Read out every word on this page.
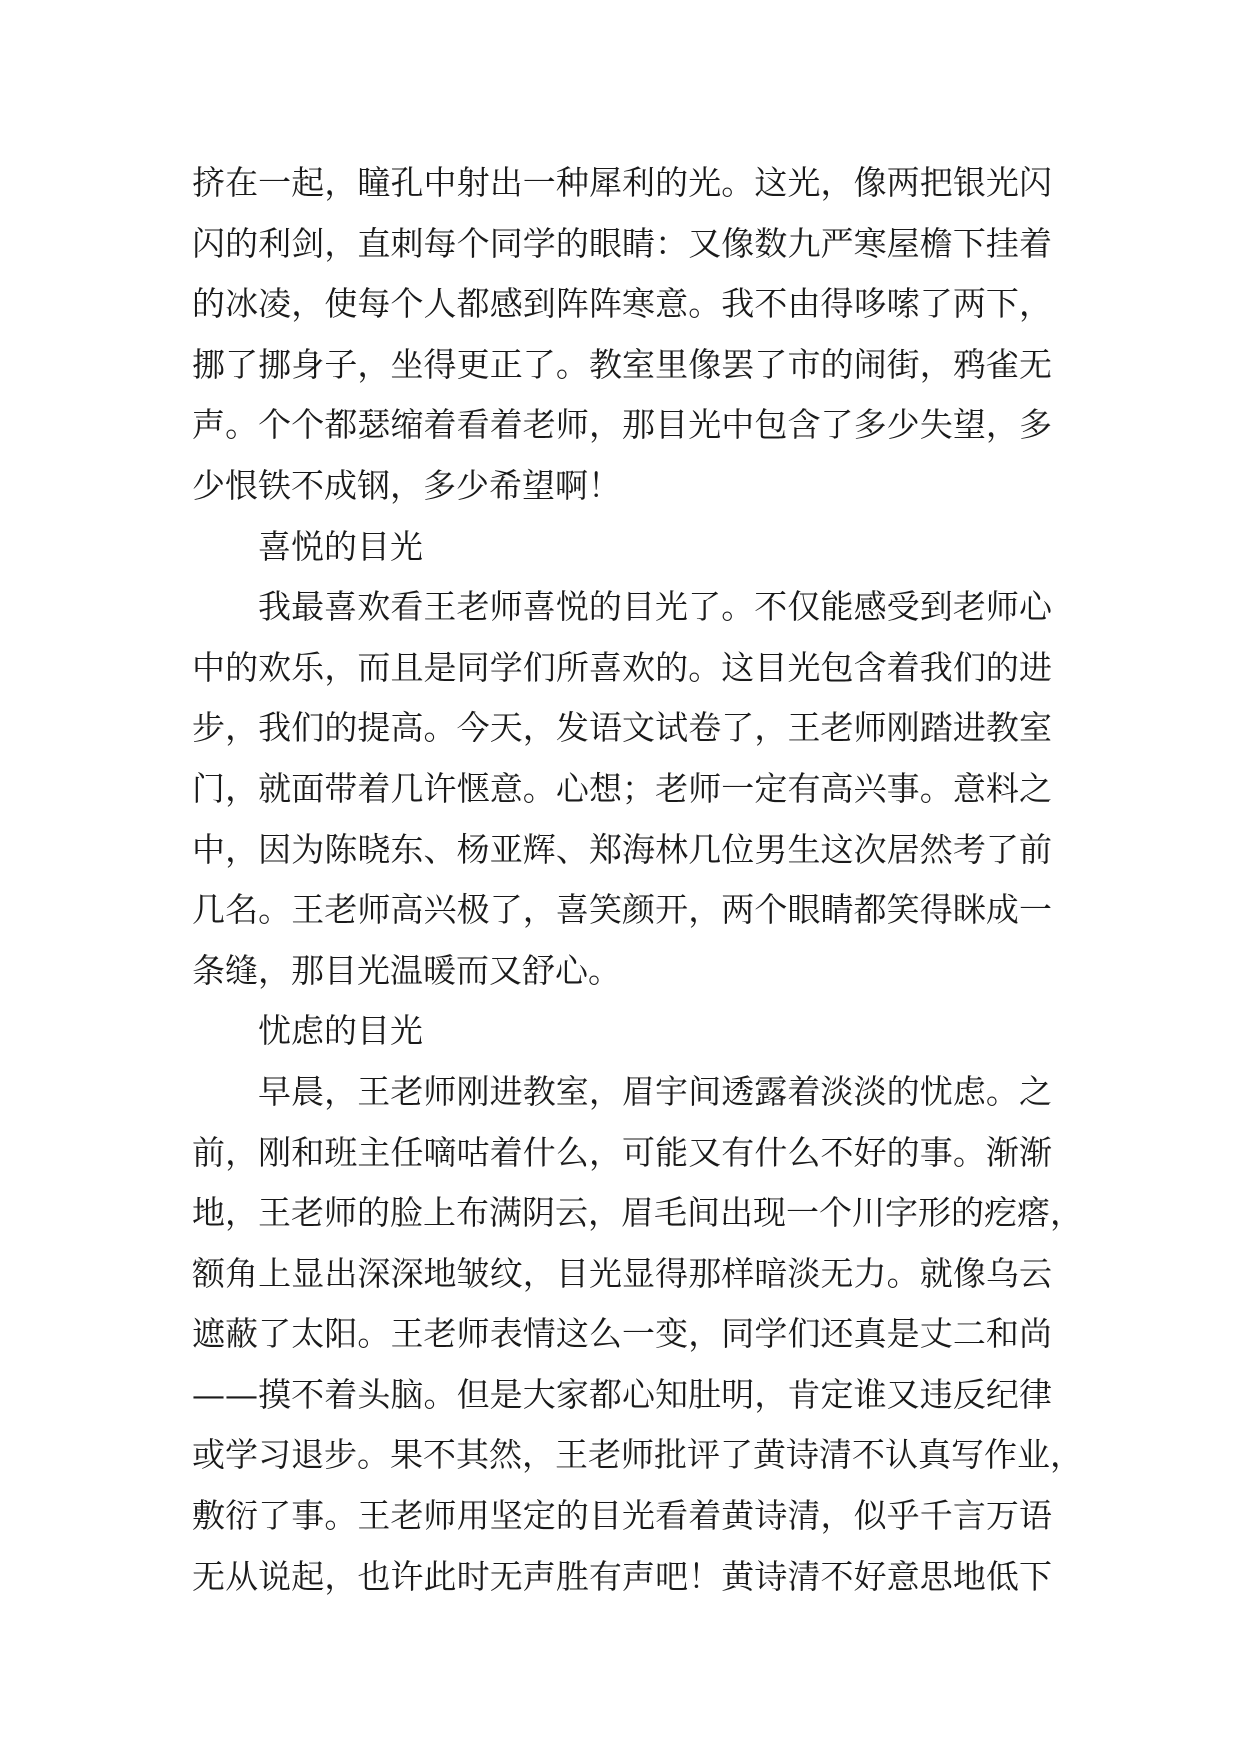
挤在一起，瞳孔中射出一种犀利的光。这光，像两把银光闪
闪的利剑，直刺每个同学的眼睛：又像数九严寒屋檐下挂着
的冰凌，使每个人都感到阵阵寒意。我不由得哆嗦了两下，
挪了挪身子，坐得更正了。教室里像罢了市的闹街，鸦雀无
声。个个都瑟缩着看着老师，那目光中包含了多少失望，多
少恨铁不成钢，多少希望啊！
喜悦的目光
我最喜欢看王老师喜悦的目光了。不仅能感受到老师心
中的欢乐，而且是同学们所喜欢的。这目光包含着我们的进
步，我们的提高。今天，发语文试卷了，王老师刚踏进教室
门，就面带着几许惬意。心想；老师一定有高兴事。意料之
中，因为陈晓东、杨亚辉、郑海林几位男生这次居然考了前
几名。王老师高兴极了，喜笑颜开，两个眼睛都笑得眯成一
条缝，那目光温暖而又舒心。
忧虑的目光
早晨，王老师刚进教室，眉宇间透露着淡淡的忧虑。之
前，刚和班主任嘀咕着什么，可能又有什么不好的事。渐渐
地，王老师的脸上布满阴云，眉毛间出现一个川字形的疙瘩，
额角上显出深深地皱纹，目光显得那样暗淡无力。就像乌云
遮蔽了太阳。王老师表情这么一变，同学们还真是丈二和尚
——摸不着头脑。但是大家都心知肚明，肯定谁又违反纪律
或学习退步。果不其然，王老师批评了黄诗清不认真写作业，
敷衍了事。王老师用坚定的目光看着黄诗清，似乎千言万语
无从说起，也许此时无声胜有声吧！黄诗清不好意思地低下
